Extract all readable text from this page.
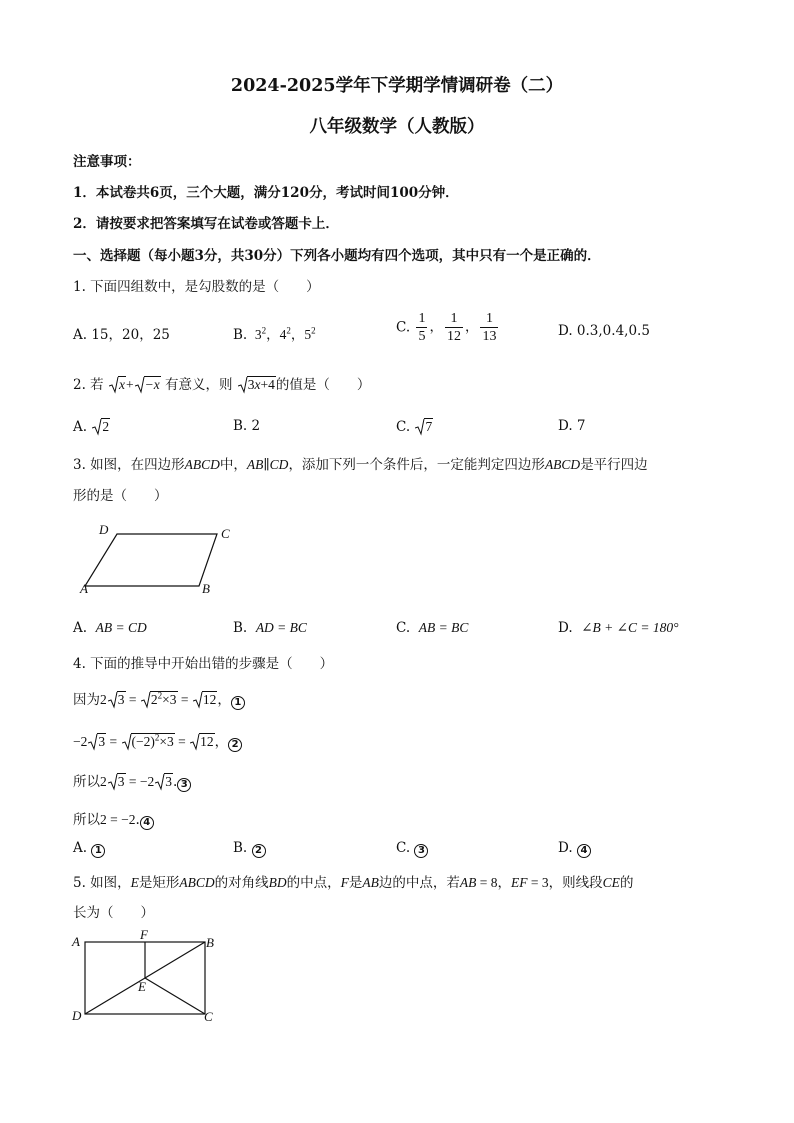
2024-2025学年下学期学情调研卷（二）
八年级数学（人教版）
注意事项：
1．本试卷共6页，三个大题，满分120分，考试时间100分钟．
2．请按要求把答案填写在试卷或答题卡上．
一、选择题（每小题3分，共30分）下列各小题均有四个选项，其中只有一个是正确的．
1. 下面四组数中，是勾股数的是（　　）
A. 15，20，25	B.  $3^2$，$4^2$，$5^2$	C. $\frac{1}{5}$ ， $\frac{1}{12}$ ， $\frac{1}{13}$	D. 0.3,0.4,0.5
2. 若 x+ −x 有意义，则 3x+4的值是（　　）
A. 2	B. 2	C. 7	D. 7
3. 如图，在四边形ABCD中，AB∥CD，添加下列一个条件后，一定能判定四边形ABCD是平行四边
形的是（　　）
D	C
A	B
A. AB = CD	B. AD = BC	C. AB = BC	D. ∠B + ∠C = 180°
4. 下面的推导中开始出错的步骤是（　　）
因为2 3 =
$2^2\times 3$ =
12， 1
−2 3 =
$(-2)^2\times 3$ =
12， 2
所以2 3 = −2 3. 3
所以2 = −2. 4
A. 1	B. 2	C. 3	D. 4
5. 如图，E是矩形ABCD的对角线BD的中点，F是AB边的中点，若AB = 8，EF = 3，则线段CE的
长为（　　）
A	F
B
E
D	C
